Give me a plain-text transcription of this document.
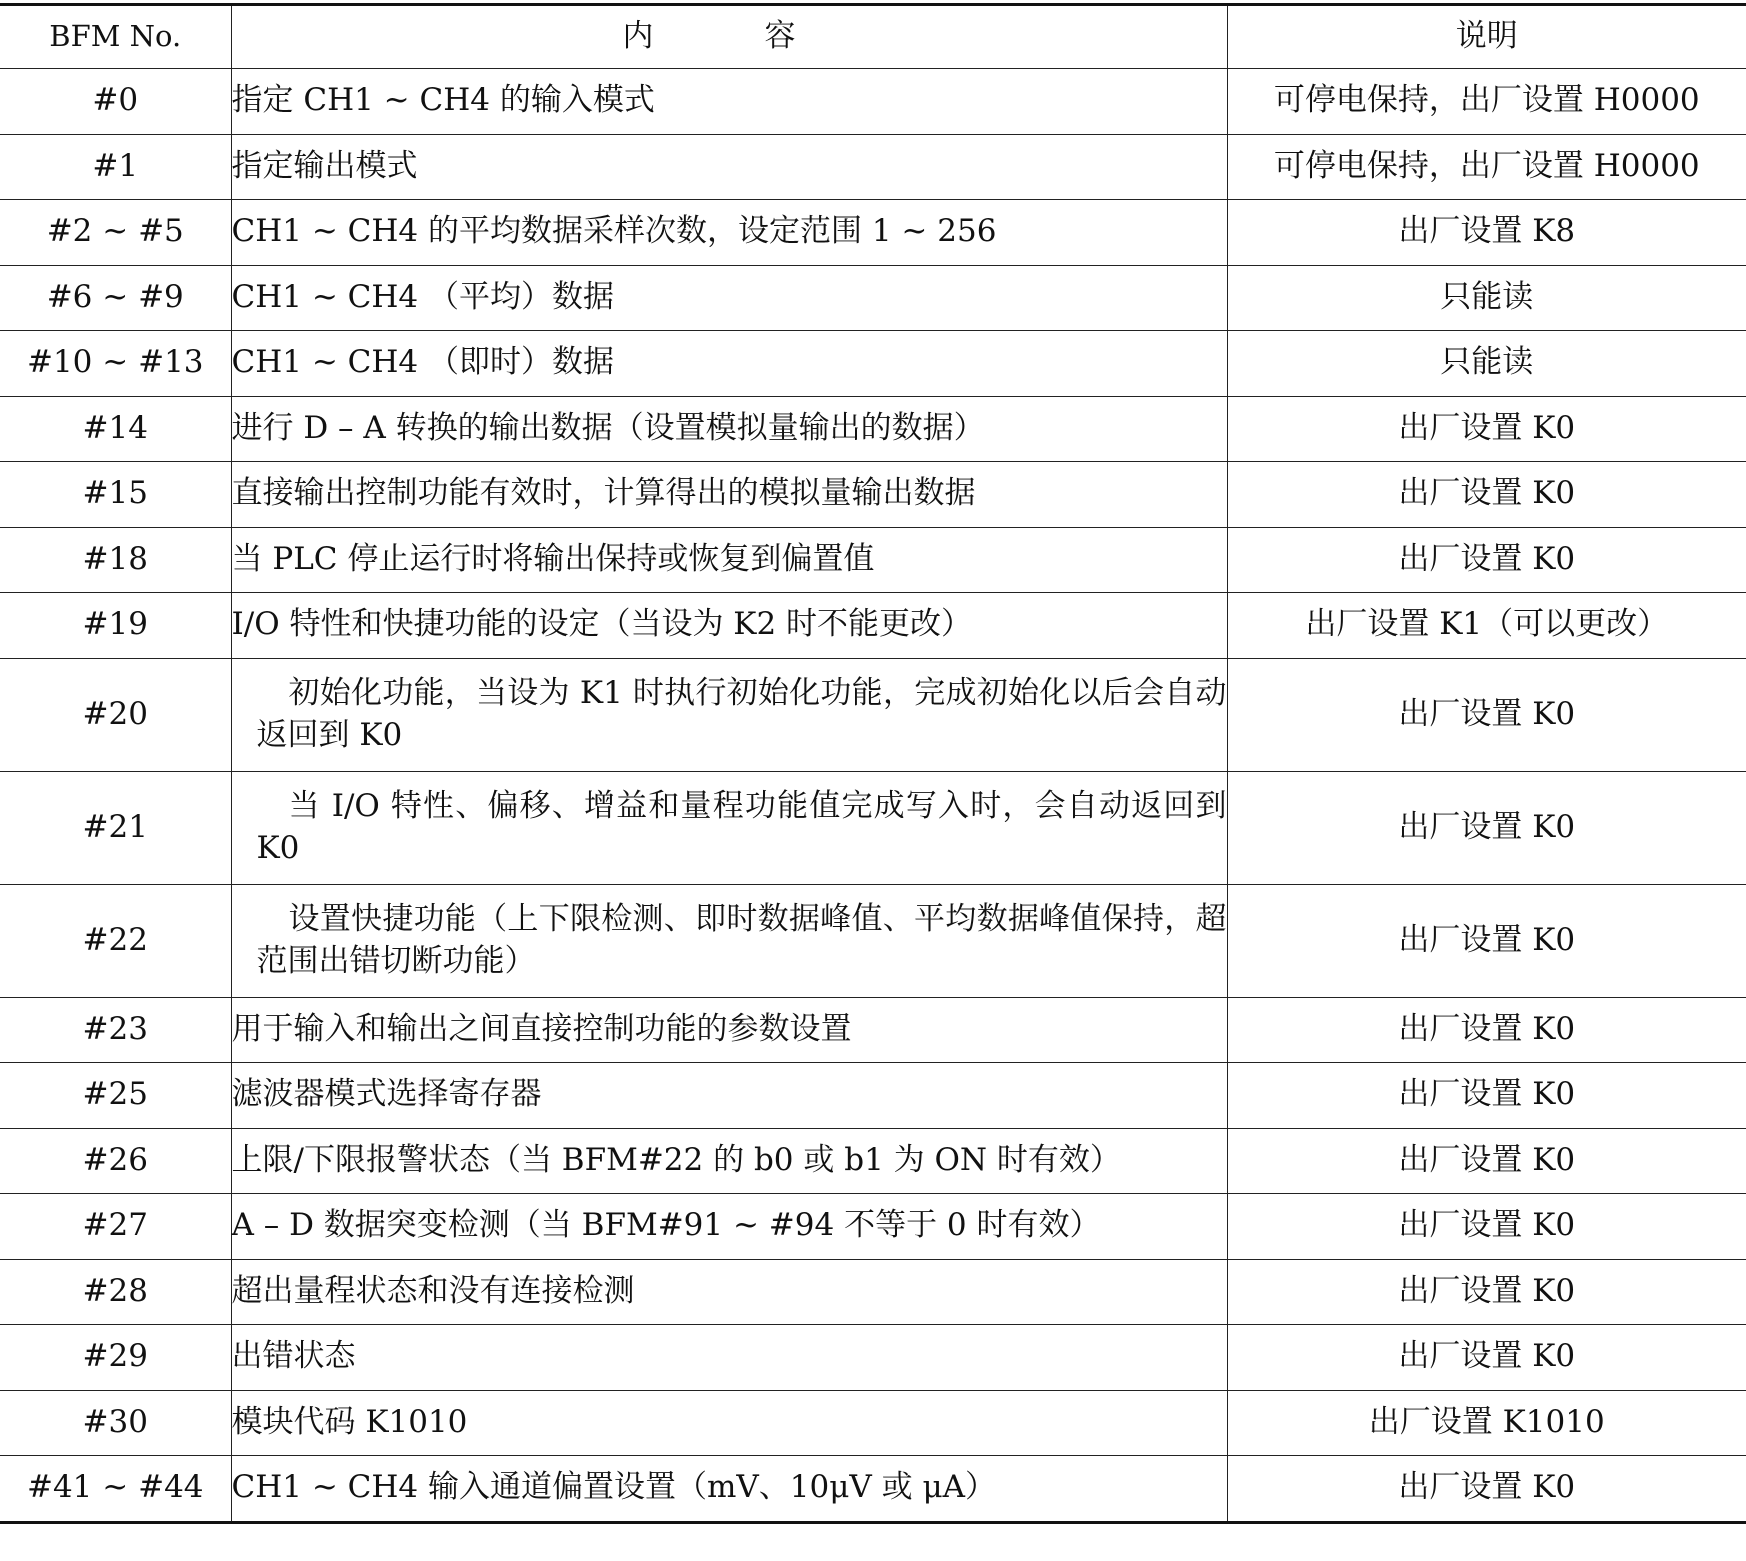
BFM No.	内　容	说明
#0	指定 CH1 ~ CH4 的输入模式	可停电保持，出厂设置 H0000
#1	指定输出模式	可停电保持，出厂设置 H0000
#2 ~ #5	CH1 ~ CH4 的平均数据采样次数，设定范围 1 ~ 256	出厂设置 K8
#6 ~ #9	CH1 ~ CH4 （平均）数据	只能读
#10 ~ #13	CH1 ~ CH4 （即时）数据	只能读
#14	进行 D – A 转换的输出数据（设置模拟量输出的数据）	出厂设置 K0
#15	直接输出控制功能有效时，计算得出的模拟量输出数据	出厂设置 K0
#18	当 PLC 停止运行时将输出保持或恢复到偏置值	出厂设置 K0
#19	I/O 特性和快捷功能的设定（当设为 K2 时不能更改）	出厂设置 K1（可以更改）
#20	初始化功能，当设为 K1 时执行初始化功能，完成初始化以后会自动返回到 K0	出厂设置 K0
#21	当 I/O 特性、偏移、增益和量程功能值完成写入时，会自动返回到 K0	出厂设置 K0
#22	设置快捷功能（上下限检测、即时数据峰值、平均数据峰值保持，超范围出错切断功能）	出厂设置 K0
#23	用于输入和输出之间直接控制功能的参数设置	出厂设置 K0
#25	滤波器模式选择寄存器	出厂设置 K0
#26	上限/下限报警状态（当 BFM#22 的 b0 或 b1 为 ON 时有效）	出厂设置 K0
#27	A – D 数据突变检测（当 BFM#91 ~ #94 不等于 0 时有效）	出厂设置 K0
#28	超出量程状态和没有连接检测	出厂设置 K0
#29	出错状态	出厂设置 K0
#30	模块代码 K1010	出厂设置 K1010
#41 ~ #44	CH1 ~ CH4 输入通道偏置设置（mV、10μV 或 μA）	出厂设置 K0
